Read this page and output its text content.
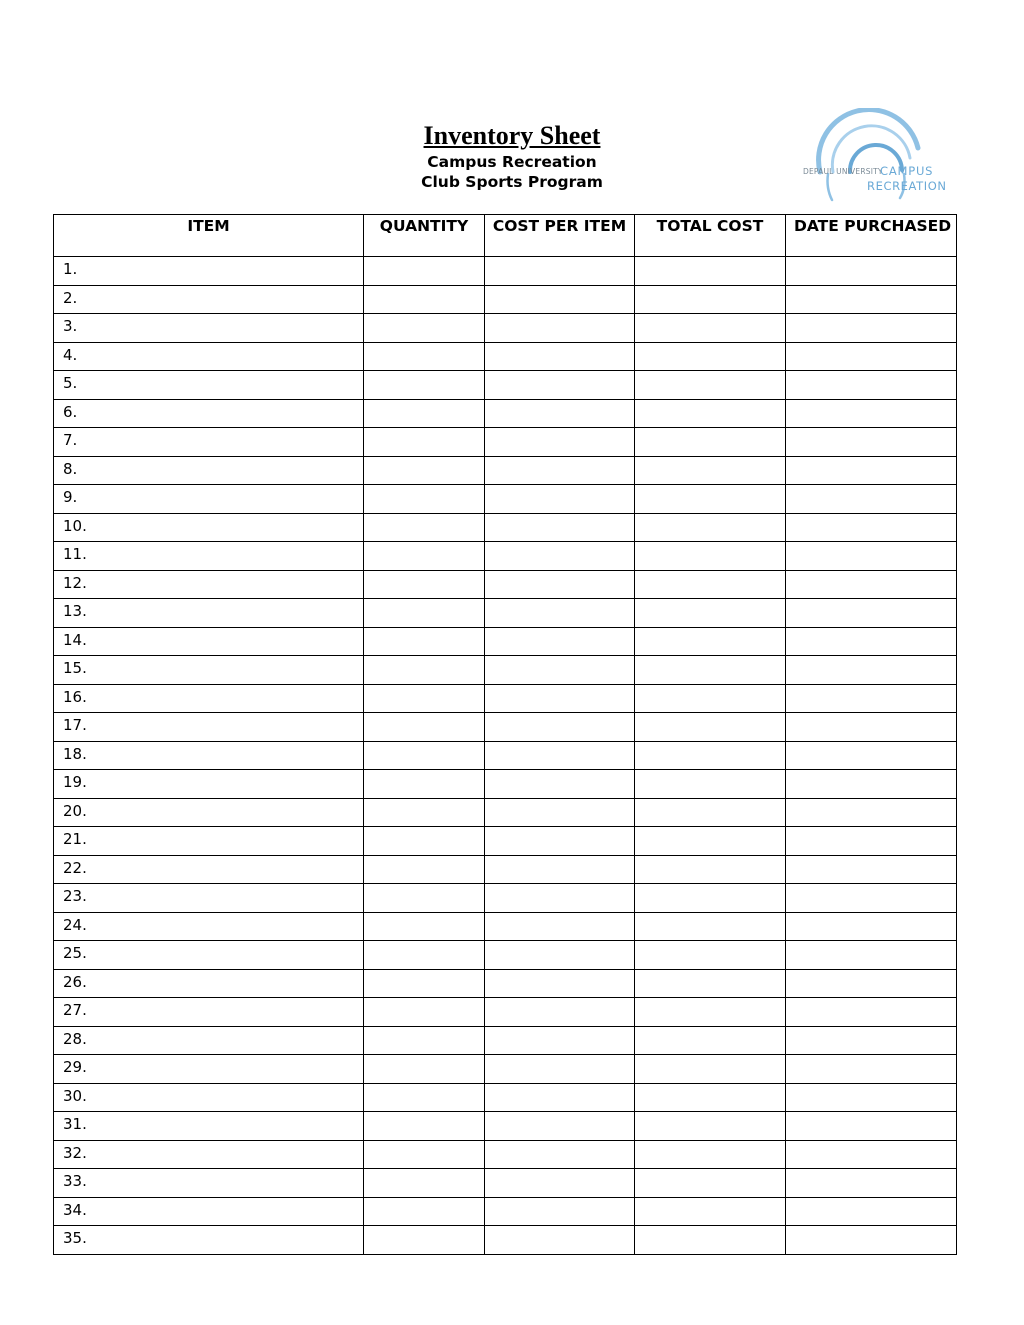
Inventory Sheet
Campus Recreation
Club Sports Program
DEPAUL UNIVERSITY
CAMPUS
RECREATION
ITEM	QUANTITY	COST PER ITEM	TOTAL COST	DATE PURCHASED
1.				
2.				
3.				
4.				
5.				
6.				
7.				
8.				
9.				
10.				
11.				
12.				
13.				
14.				
15.				
16.				
17.				
18.				
19.				
20.				
21.				
22.				
23.				
24.				
25.				
26.				
27.				
28.				
29.				
30.				
31.				
32.				
33.				
34.				
35.				
